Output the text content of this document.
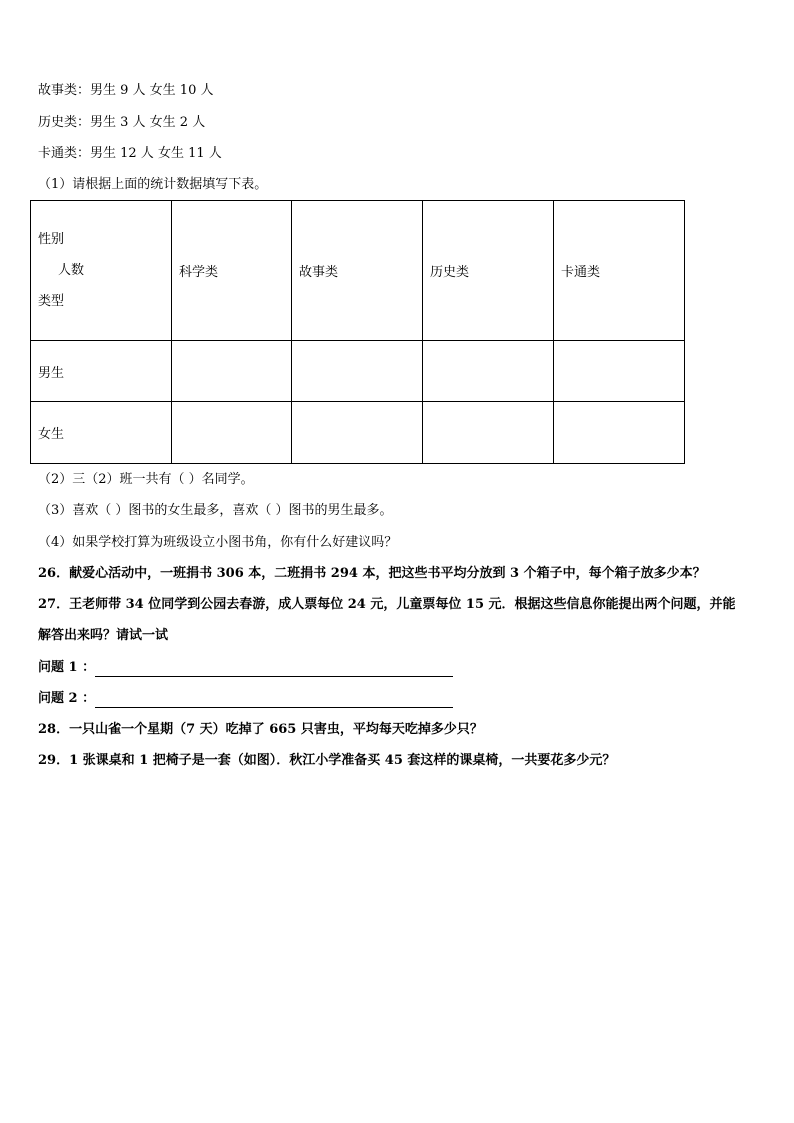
故事类：男生 9 人 女生 10 人
历史类：男生 3 人 女生 2 人
卡通类：男生 12 人 女生 11 人
（1）请根据上面的统计数据填写下表。
性别
人数
类型	科学类	故事类	历史类	卡通类
男生				
女生				
（2）三（2）班一共有（ ）名同学。
（3）喜欢（ ）图书的女生最多，喜欢（ ）图书的男生最多。
（4）如果学校打算为班级设立小图书角，你有什么好建议吗？
26．献爱心活动中，一班捐书 306 本，二班捐书 294 本，把这些书平均分放到 3 个箱子中，每个箱子放多少本？
27．王老师带 34 位同学到公园去春游，成人票每位 24 元，儿童票每位 15 元．根据这些信息你能提出两个问题，并能
解答出来吗？请试一试
问题 1 ：
问题 2 ：
28．一只山雀一个星期（7 天）吃掉了 665 只害虫，平均每天吃掉多少只？
29．1 张课桌和 1 把椅子是一套（如图）．秋江小学准备买 45 套这样的课桌椅，一共要花多少元？
